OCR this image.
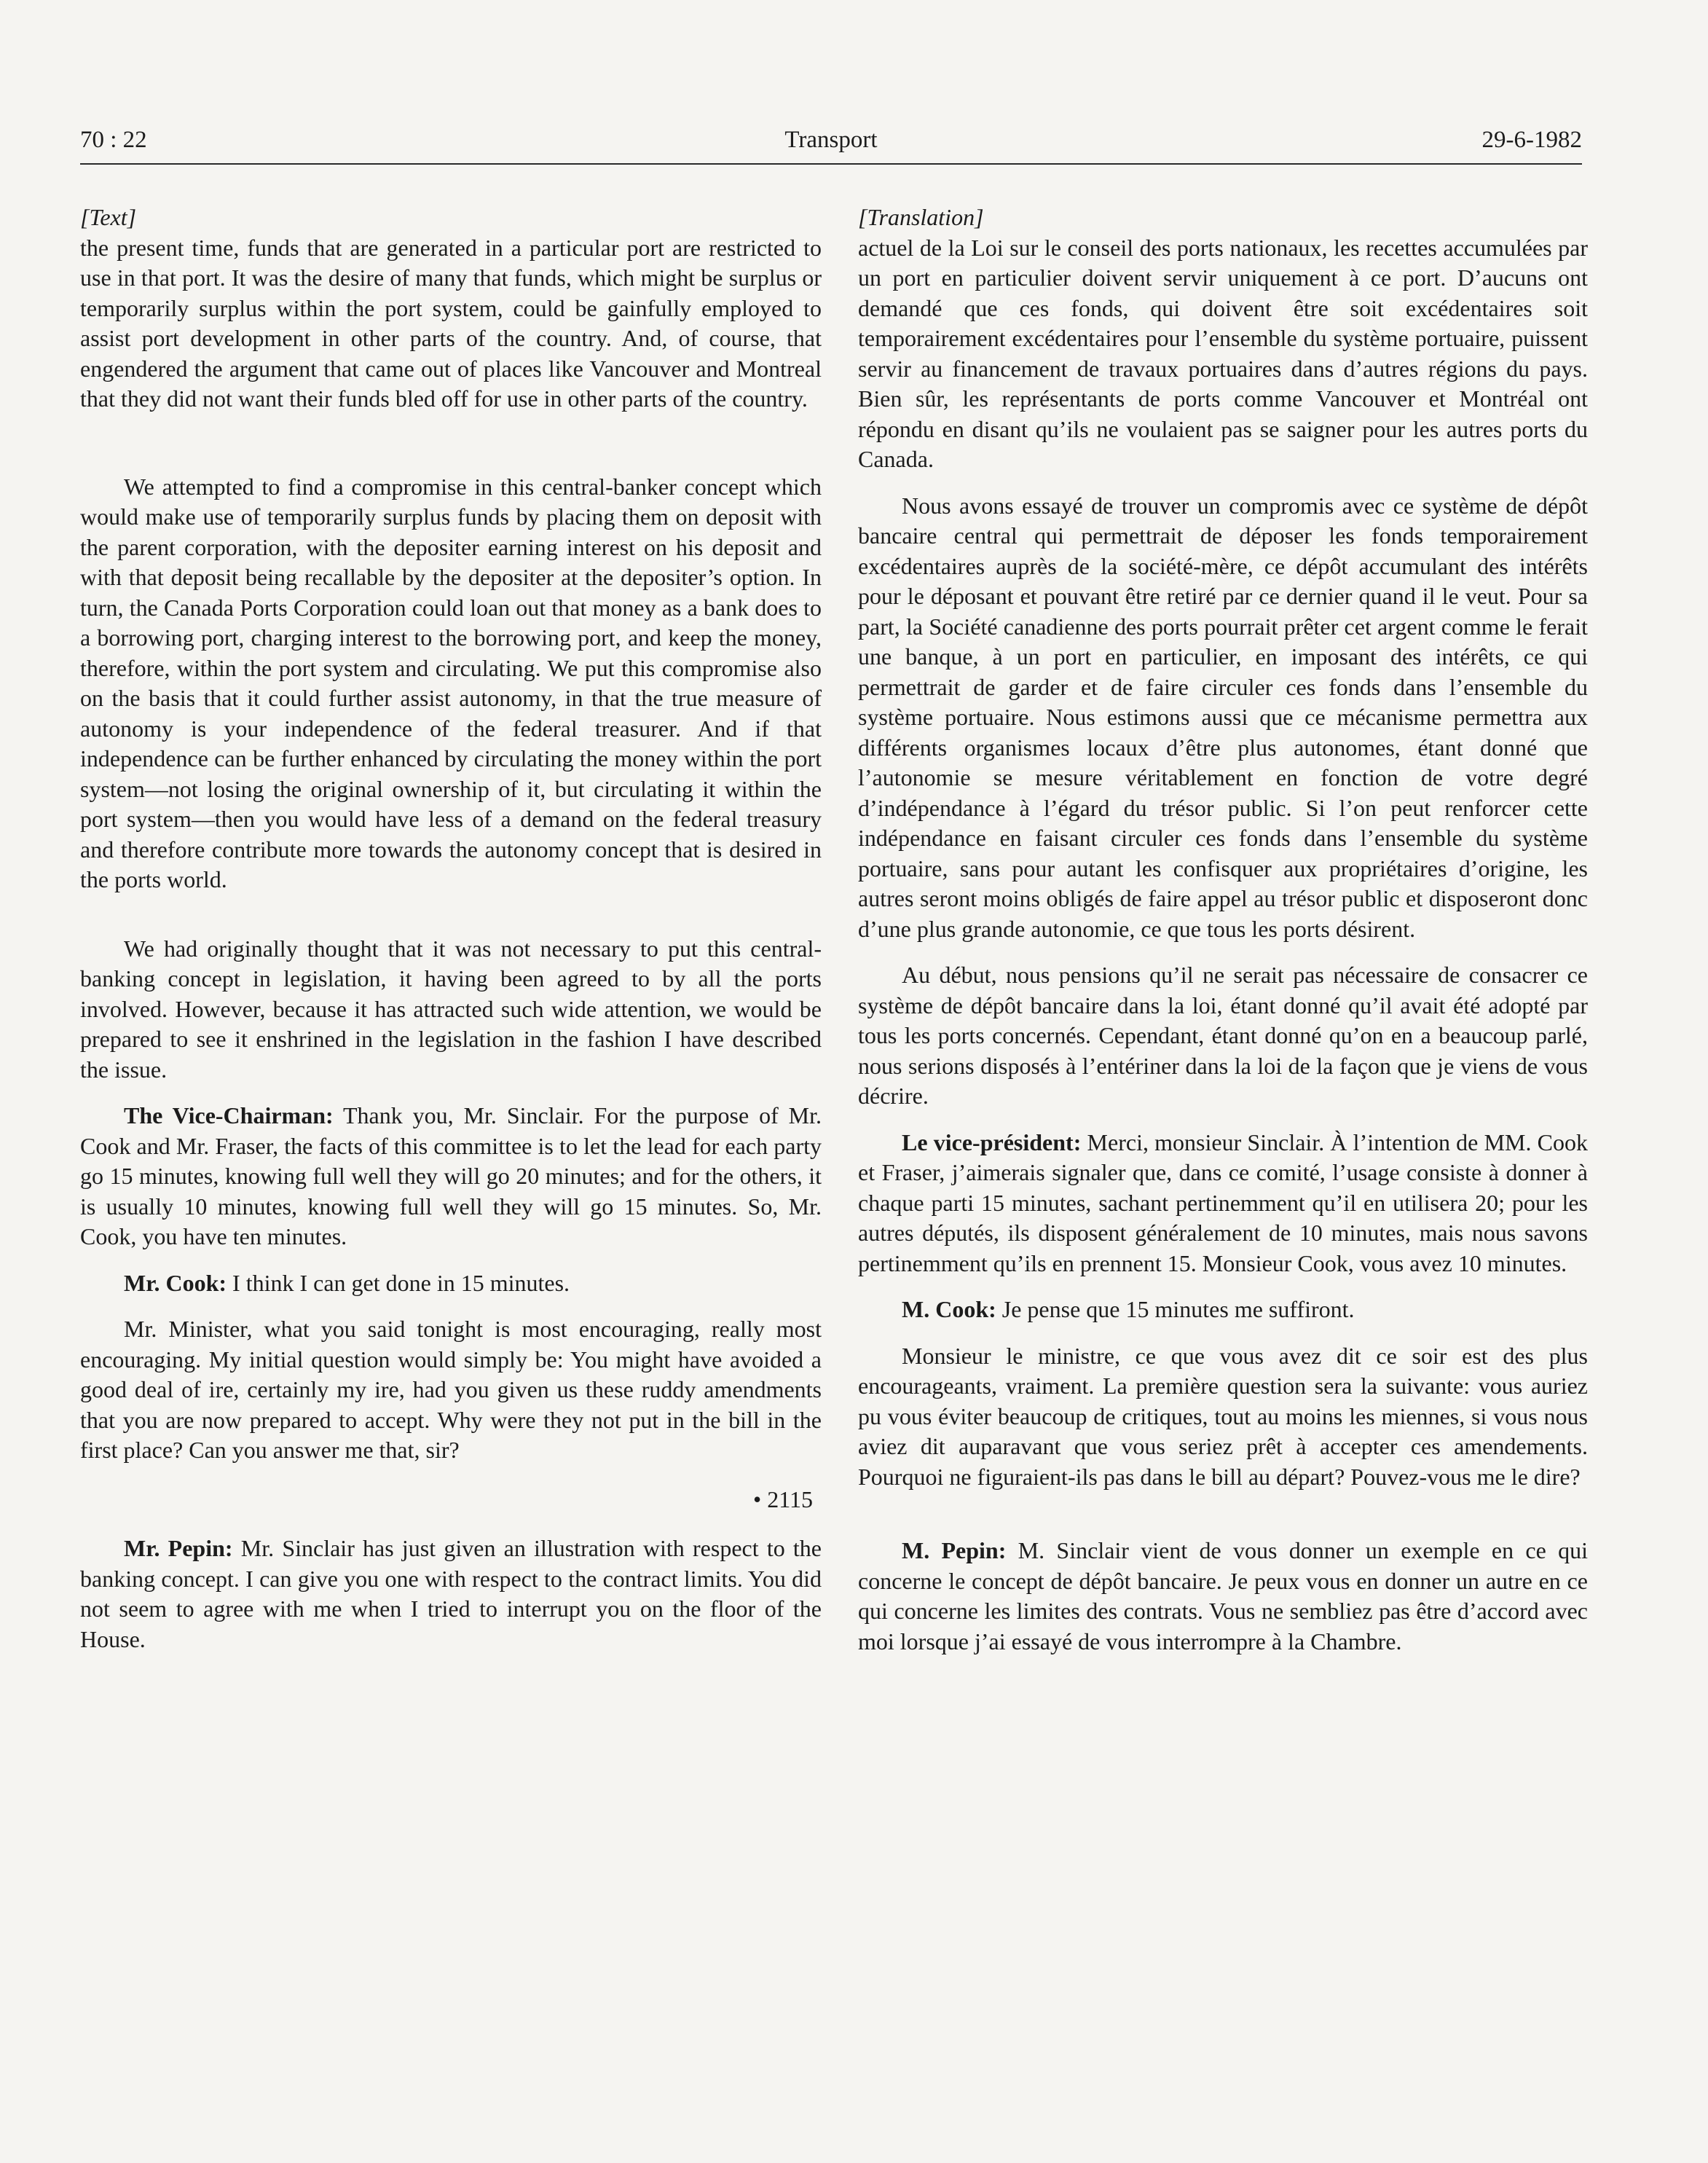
70 : 22	Transport	29-6-1982

[Text]

the present time, funds that are generated in a particular port are restricted to use in that port. It was the desire of many that funds, which might be surplus or temporarily surplus within the port system, could be gainfully employed to assist port development in other parts of the country. And, of course, that engendered the argument that came out of places like Vancouver and Montreal that they did not want their funds bled off for use in other parts of the country.

We attempted to find a compromise in this central-banker concept which would make use of temporarily surplus funds by placing them on deposit with the parent corporation, with the depositer earning interest on his deposit and with that deposit being recallable by the depositer at the depositer’s option. In turn, the Canada Ports Corporation could loan out that money as a bank does to a borrowing port, charging interest to the borrowing port, and keep the money, therefore, within the port system and circulating. We put this compromise also on the basis that it could further assist autonomy, in that the true measure of autonomy is your independence of the federal treasurer. And if that independence can be further enhanced by circulating the money within the port system—not losing the original ownership of it, but circulating it within the port system—then you would have less of a demand on the federal treasury and therefore contribute more towards the autonomy concept that is desired in the ports world.

We had originally thought that it was not necessary to put this central-banking concept in legislation, it having been agreed to by all the ports involved. However, because it has attracted such wide attention, we would be prepared to see it enshrined in the legislation in the fashion I have described the issue.

The Vice-Chairman: Thank you, Mr. Sinclair. For the purpose of Mr. Cook and Mr. Fraser, the facts of this committee is to let the lead for each party go 15 minutes, knowing full well they will go 20 minutes; and for the others, it is usually 10 minutes, knowing full well they will go 15 minutes. So, Mr. Cook, you have ten minutes.

Mr. Cook: I think I can get done in 15 minutes.

Mr. Minister, what you said tonight is most encouraging, really most encouraging. My initial question would simply be: You might have avoided a good deal of ire, certainly my ire, had you given us these ruddy amendments that you are now prepared to accept. Why were they not put in the bill in the first place? Can you answer me that, sir?

• 2115

Mr. Pepin: Mr. Sinclair has just given an illustration with respect to the banking concept. I can give you one with respect to the contract limits. You did not seem to agree with me when I tried to interrupt you on the floor of the House.

[Translation]

actuel de la Loi sur le conseil des ports nationaux, les recettes accumulées par un port en particulier doivent servir uniquement à ce port. D’aucuns ont demandé que ces fonds, qui doivent être soit excédentaires soit temporairement excédentaires pour l’ensemble du système portuaire, puissent servir au financement de travaux portuaires dans d’autres régions du pays. Bien sûr, les représentants de ports comme Vancouver et Montréal ont répondu en disant qu’ils ne voulaient pas se saigner pour les autres ports du Canada.

Nous avons essayé de trouver un compromis avec ce système de dépôt bancaire central qui permettrait de déposer les fonds temporairement excédentaires auprès de la société-mère, ce dépôt accumulant des intérêts pour le déposant et pouvant être retiré par ce dernier quand il le veut. Pour sa part, la Société canadienne des ports pourrait prêter cet argent comme le ferait une banque, à un port en particulier, en imposant des intérêts, ce qui permettrait de garder et de faire circuler ces fonds dans l’ensemble du système portuaire. Nous estimons aussi que ce mécanisme permettra aux différents organismes locaux d’être plus autonomes, étant donné que l’autonomie se mesure véritablement en fonction de votre degré d’indépendance à l’égard du trésor public. Si l’on peut renforcer cette indépendance en faisant circuler ces fonds dans l’ensemble du système portuaire, sans pour autant les confisquer aux propriétaires d’origine, les autres seront moins obligés de faire appel au trésor public et disposeront donc d’une plus grande autonomie, ce que tous les ports désirent.

Au début, nous pensions qu’il ne serait pas nécessaire de consacrer ce système de dépôt bancaire dans la loi, étant donné qu’il avait été adopté par tous les ports concernés. Cependant, étant donné qu’on en a beaucoup parlé, nous serions disposés à l’entériner dans la loi de la façon que je viens de vous décrire.

Le vice-président: Merci, monsieur Sinclair. À l’intention de MM. Cook et Fraser, j’aimerais signaler que, dans ce comité, l’usage consiste à donner à chaque parti 15 minutes, sachant pertinemment qu’il en utilisera 20; pour les autres députés, ils disposent généralement de 10 minutes, mais nous savons pertinemment qu’ils en prennent 15. Monsieur Cook, vous avez 10 minutes.

M. Cook: Je pense que 15 minutes me suffiront.

Monsieur le ministre, ce que vous avez dit ce soir est des plus encourageants, vraiment. La première question sera la suivante: vous auriez pu vous éviter beaucoup de critiques, tout au moins les miennes, si vous nous aviez dit auparavant que vous seriez prêt à accepter ces amendements. Pourquoi ne figuraient-ils pas dans le bill au départ? Pouvez-vous me le dire?

M. Pepin: M. Sinclair vient de vous donner un exemple en ce qui concerne le concept de dépôt bancaire. Je peux vous en donner un autre en ce qui concerne les limites des contrats. Vous ne sembliez pas être d’accord avec moi lorsque j’ai essayé de vous interrompre à la Chambre.
